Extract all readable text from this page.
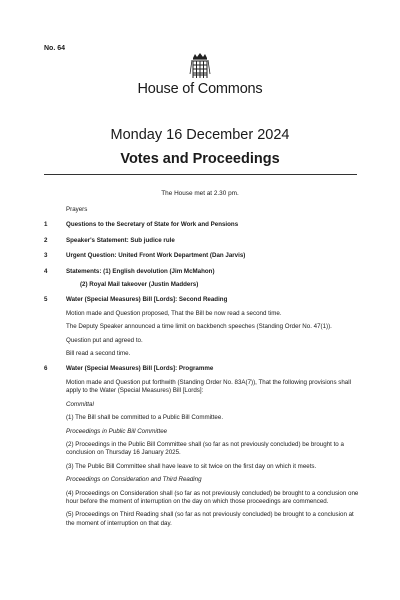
No. 64
House of Commons
Monday 16 December 2024
Votes and Proceedings
The House met at 2.30 pm.
Prayers
1	Questions to the Secretary of State for Work and Pensions
2	Speaker's Statement: Sub judice rule
3	Urgent Question: United Front Work Department (Dan Jarvis)
4	Statements: (1) English devolution (Jim McMahon)
(2) Royal Mail takeover (Justin Madders)
5	Water (Special Measures) Bill [Lords]: Second Reading
Motion made and Question proposed, That the Bill be now read a second time.
The Deputy Speaker announced a time limit on backbench speeches (Standing Order No. 47(1)).
Question put and agreed to.
Bill read a second time.
6	Water (Special Measures) Bill [Lords]: Programme
Motion made and Question put forthwith (Standing Order No. 83A(7)), That the following provisions shall apply to the Water (Special Measures) Bill [Lords]:
Committal
(1) The Bill shall be committed to a Public Bill Committee.
Proceedings in Public Bill Committee
(2) Proceedings in the Public Bill Committee shall (so far as not previously concluded) be brought to a conclusion on Thursday 16 January 2025.
(3) The Public Bill Committee shall have leave to sit twice on the first day on which it meets.
Proceedings on Consideration and Third Reading
(4) Proceedings on Consideration shall (so far as not previously concluded) be brought to a conclusion one hour before the moment of interruption on the day on which those proceedings are commenced.
(5) Proceedings on Third Reading shall (so far as not previously concluded) be brought to a conclusion at the moment of interruption on that day.
